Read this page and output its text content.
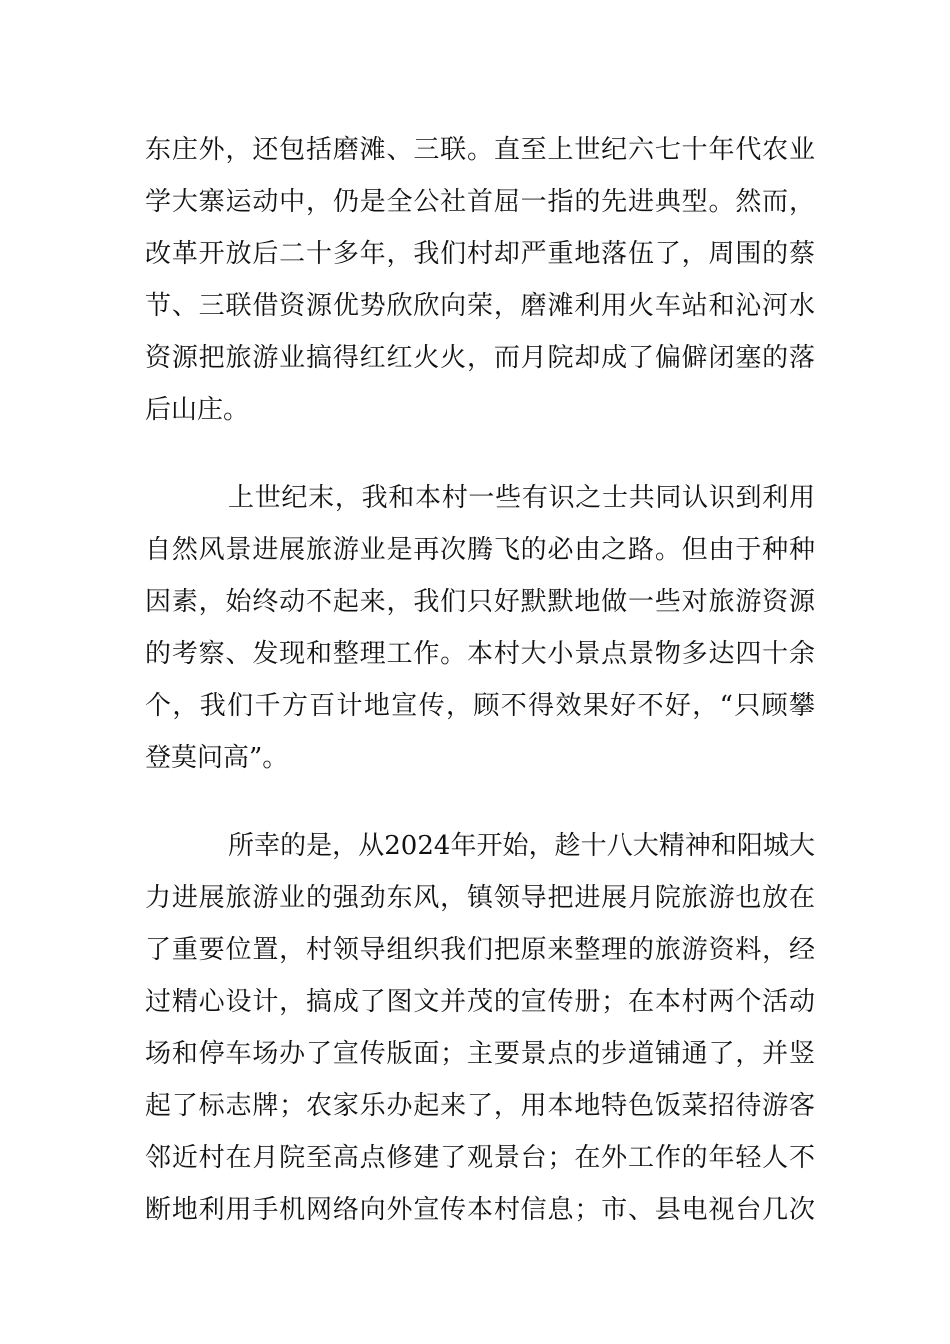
东庄外，还包括磨滩、三联。直至上世纪六七十年代农业
学大寨运动中，仍是全公社首屈一指的先进典型。然而，
改革开放后二十多年，我们村却严重地落伍了，周围的蔡
节、三联借资源优势欣欣向荣，磨滩利用火车站和沁河水
资源把旅游业搞得红红火火，而月院却成了偏僻闭塞的落
后山庄。
上世纪末，我和本村一些有识之士共同认识到利用
自然风景进展旅游业是再次腾飞的必由之路。但由于种种
因素，始终动不起来，我们只好默默地做一些对旅游资源
的考察、发现和整理工作。本村大小景点景物多达四十余
个，我们千方百计地宣传，顾不得效果好不好，“只顾攀
登莫问高”。
所幸的是，从2024年开始，趁十八大精神和阳城大
力进展旅游业的强劲东风，镇领导把进展月院旅游也放在
了重要位置，村领导组织我们把原来整理的旅游资料，经
过精心设计，搞成了图文并茂的宣传册；在本村两个活动
场和停车场办了宣传版面；主要景点的步道铺通了，并竖
起了标志牌；农家乐办起来了，用本地特色饭菜招待游客
邻近村在月院至高点修建了观景台；在外工作的年轻人不
断地利用手机网络向外宣传本村信息；市、县电视台几次
